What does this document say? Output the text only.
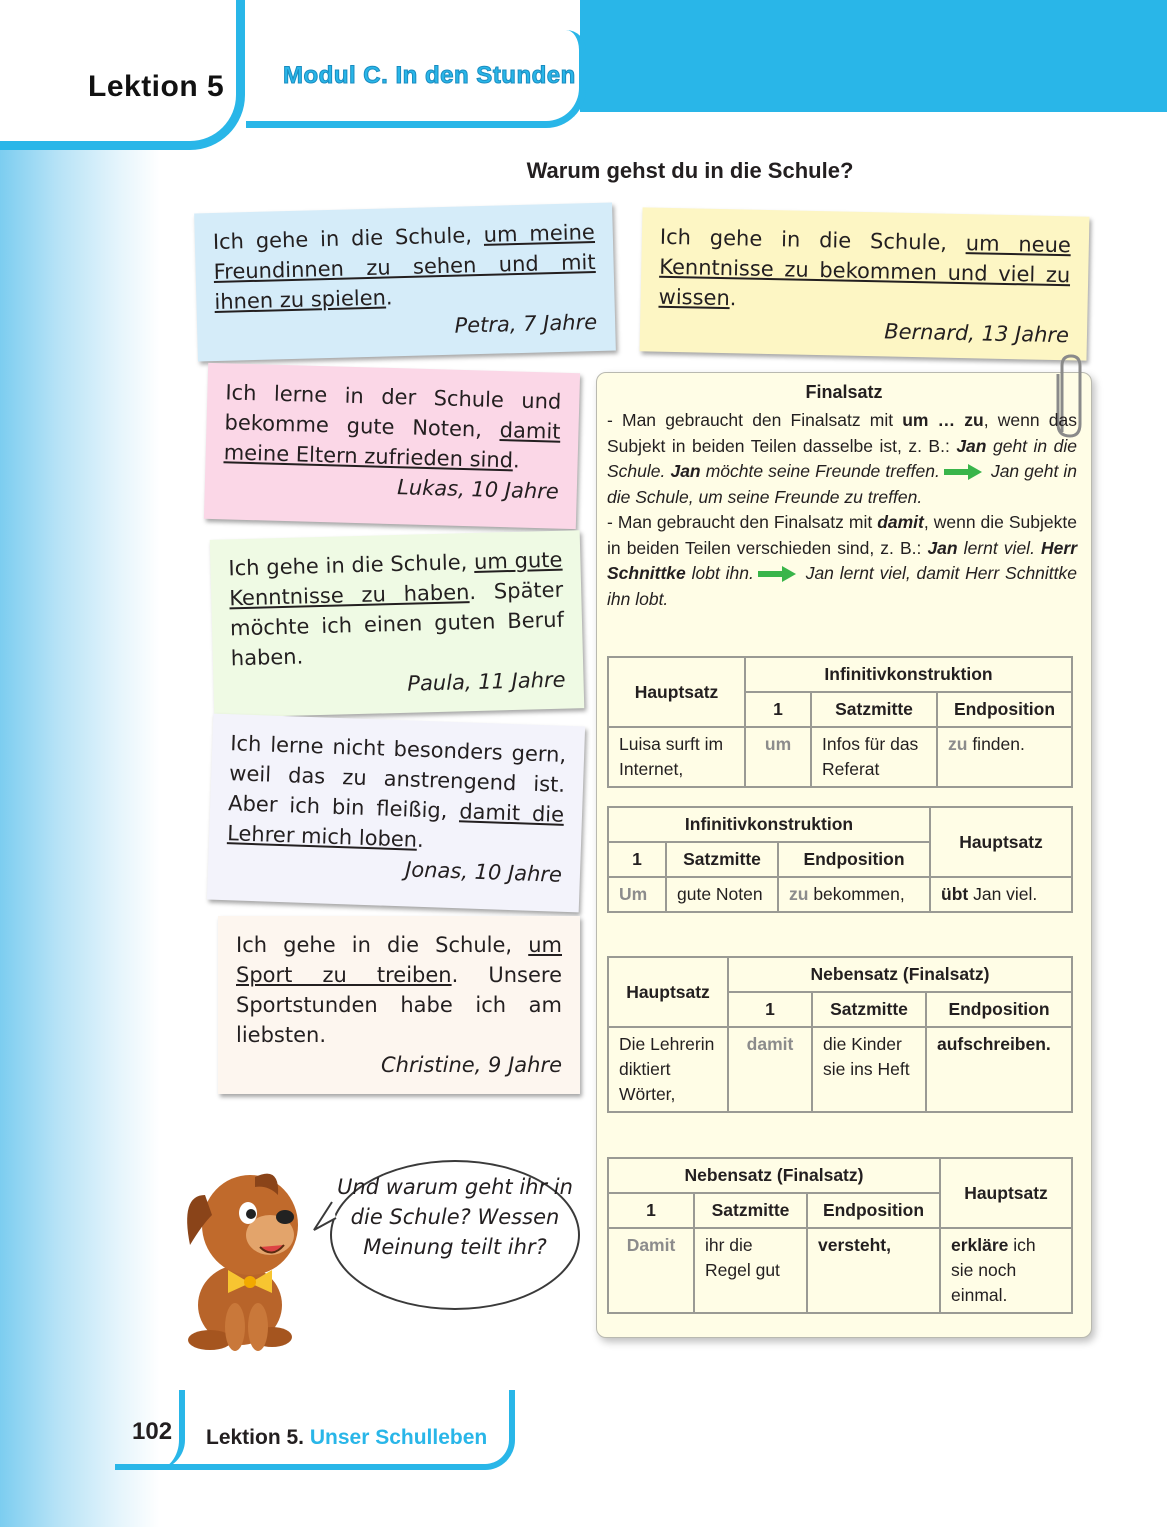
Modul C. In den Stunden
Lektion 5
Warum gehst du in die Schule?
Ich gehe in die Schule, um meine Freundinnen zu sehen und mit ihnen zu spielen.
Petra, 7 Jahre
Ich gehe in die Schule, um neue Kenntnisse zu bekommen und viel zu wissen.
Bernard, 13 Jahre
Ich lerne in der Schule und bekomme gute Noten, damit meine Eltern zufrieden sind.
Lukas, 10 Jahre
Ich gehe in die Schule, um gute Kenntnisse zu haben. Später möchte ich einen guten Beruf haben.
Paula, 11 Jahre
Ich lerne nicht besonders gern, weil das zu anstrengend ist. Aber ich bin fleißig, damit die Lehrer mich loben.
Jonas, 10 Jahre
Ich gehe in die Schule, um Sport zu treiben. Unsere Sportstunden habe ich am liebsten.
Christine, 9 Jahre
Finalsatz
- Man gebraucht den Finalsatz mit um … zu, wenn das Subjekt in beiden Teilen dasselbe ist, z. B.: Jan geht in die Schule. Jan möchte seine Freunde treffen.	Jan geht in die Schule, um seine Freunde zu treffen.
- Man gebraucht den Finalsatz mit damit, wenn die Subjekte in beiden Teilen verschieden sind, z. B.: Jan lernt viel. Herr Schnittke lobt ihn.	Jan lernt viel, damit Herr Schnittke ihn lobt.
Hauptsatz	Infinitivkonstruktion		
	1	Satzmitte	Endposition
Luisa surft im Internet,	um	Infos für das Referat	zu finden.
Infinitivkonstruktion			Hauptsatz
1	Satzmitte	Endposition	
Um	gute Noten	zu bekommen,	übt Jan viel.
Hauptsatz	Nebensatz (Finalsatz)		
	1	Satzmitte	Endposition
Die Lehrerin diktiert Wörter,	damit	die Kinder sie ins Heft	aufschreiben.
Nebensatz (Finalsatz)			Hauptsatz
1	Satzmitte	Endposition	
Damit	ihr die Regel gut	versteht,	erkläre ich sie noch einmal.
Und warum geht ihr in die Schule? Wessen Meinung teilt ihr?
102 Lektion 5. Unser Schulleben
